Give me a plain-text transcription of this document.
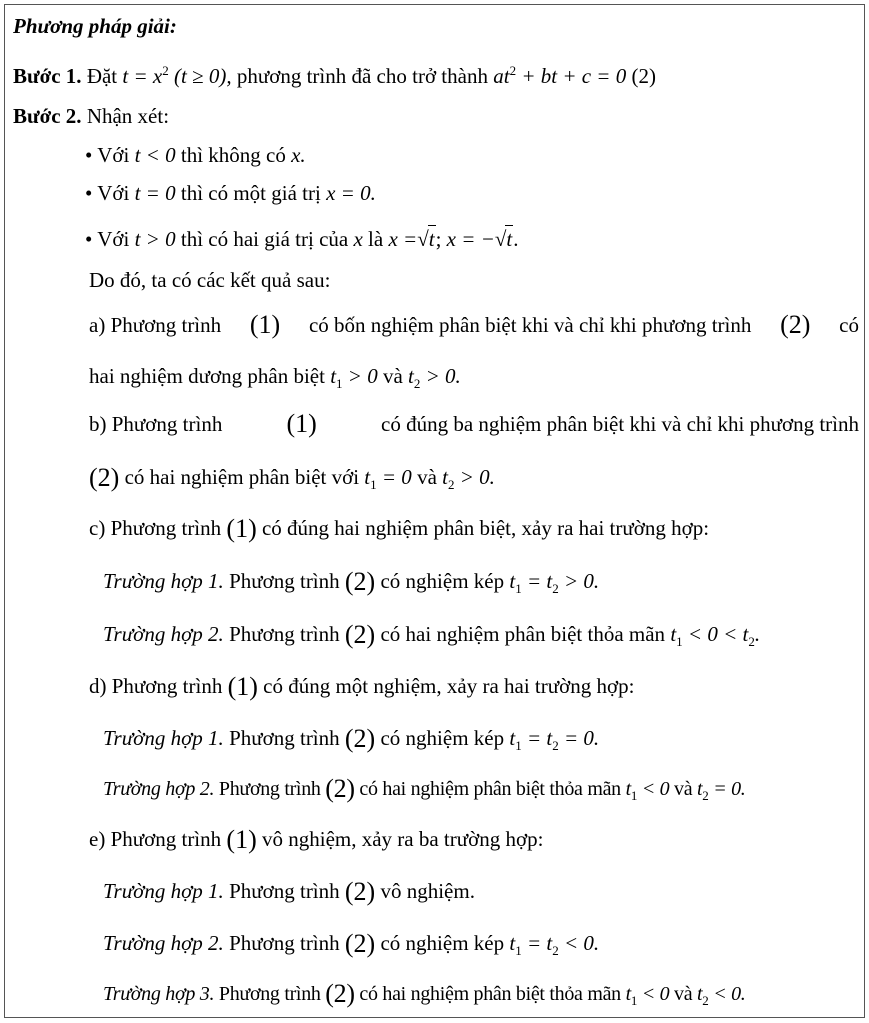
Phương pháp giải:
Bước 1. Đặt $t = x^2$ (t ≥ 0), phương trình đã cho trở thành $at^2$ + bt + c = 0 (2)
Bước 2. Nhận xét:
• Với t < 0 thì không có x.
• Với t = 0 thì có một giá trị x = 0.
• Với t > 0 thì có hai giá trị của x là x =√t; x = −√t.
Do đó, ta có các kết quả sau:
a) Phương trình (1) có bốn nghiệm phân biệt khi và chỉ khi phương trình (2) có
hai nghiệm dương phân biệt $t_1 > 0$ và $t_2 > 0$.
b) Phương trình (1)	có đúng ba nghiệm phân biệt khi và chỉ khi phương trình
(2) có hai nghiệm phân biệt với $t_1 = 0$ và $t_2 > 0$.
c) Phương trình (1) có đúng hai nghiệm phân biệt, xảy ra hai trường hợp:
Trường hợp 1. Phương trình (2) có nghiệm kép $t_1 = t_2 > 0$.
Trường hợp 2. Phương trình (2) có hai nghiệm phân biệt thỏa mãn $t_1 < 0 < t_2$.
d) Phương trình (1) có đúng một nghiệm, xảy ra hai trường hợp:
Trường hợp 1. Phương trình (2) có nghiệm kép $t_1 = t_2 = 0$.
Trường hợp 2. Phương trình (2) có hai nghiệm phân biệt thỏa mãn $t_1 < 0$ và $t_2 = 0$.
e) Phương trình (1) vô nghiệm, xảy ra ba trường hợp:
Trường hợp 1. Phương trình (2) vô nghiệm.
Trường hợp 2. Phương trình (2) có nghiệm kép $t_1 = t_2 < 0$.
Trường hợp 3. Phương trình (2) có hai nghiệm phân biệt thỏa mãn $t_1 < 0$ và $t_2 < 0$.
